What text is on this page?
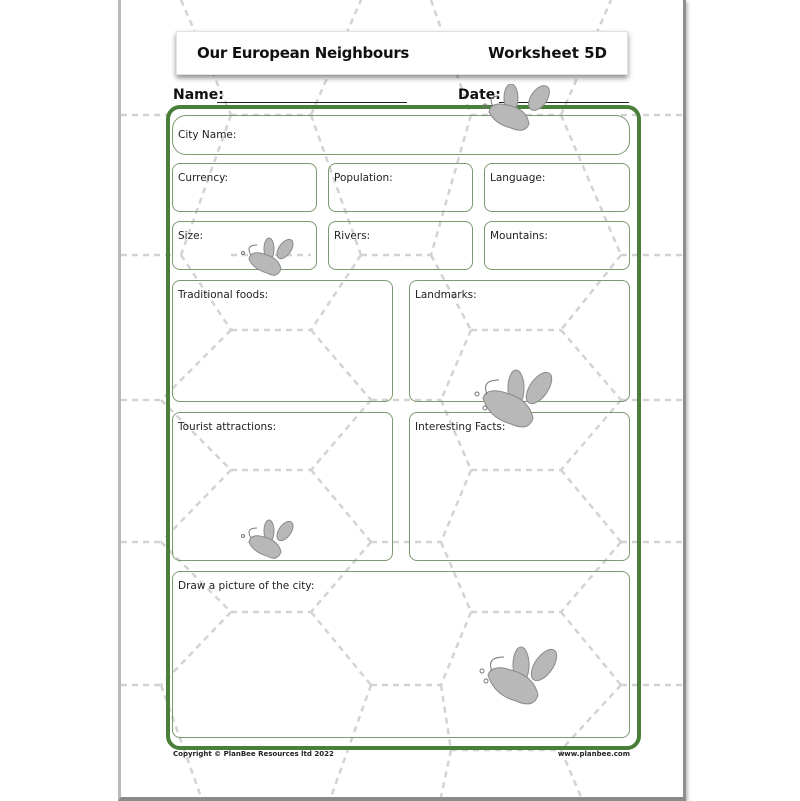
Our European Neighbours	Worksheet 5D
Name:	Date:
City Name:
Currency:	Population:	Language:
Size:	Rivers:	Mountains:
Traditional foods:	Landmarks:
Tourist attractions:	Interesting Facts:
Draw a picture of the city:
Copyright © PlanBee Resources ltd 2022	www.planbee.com
